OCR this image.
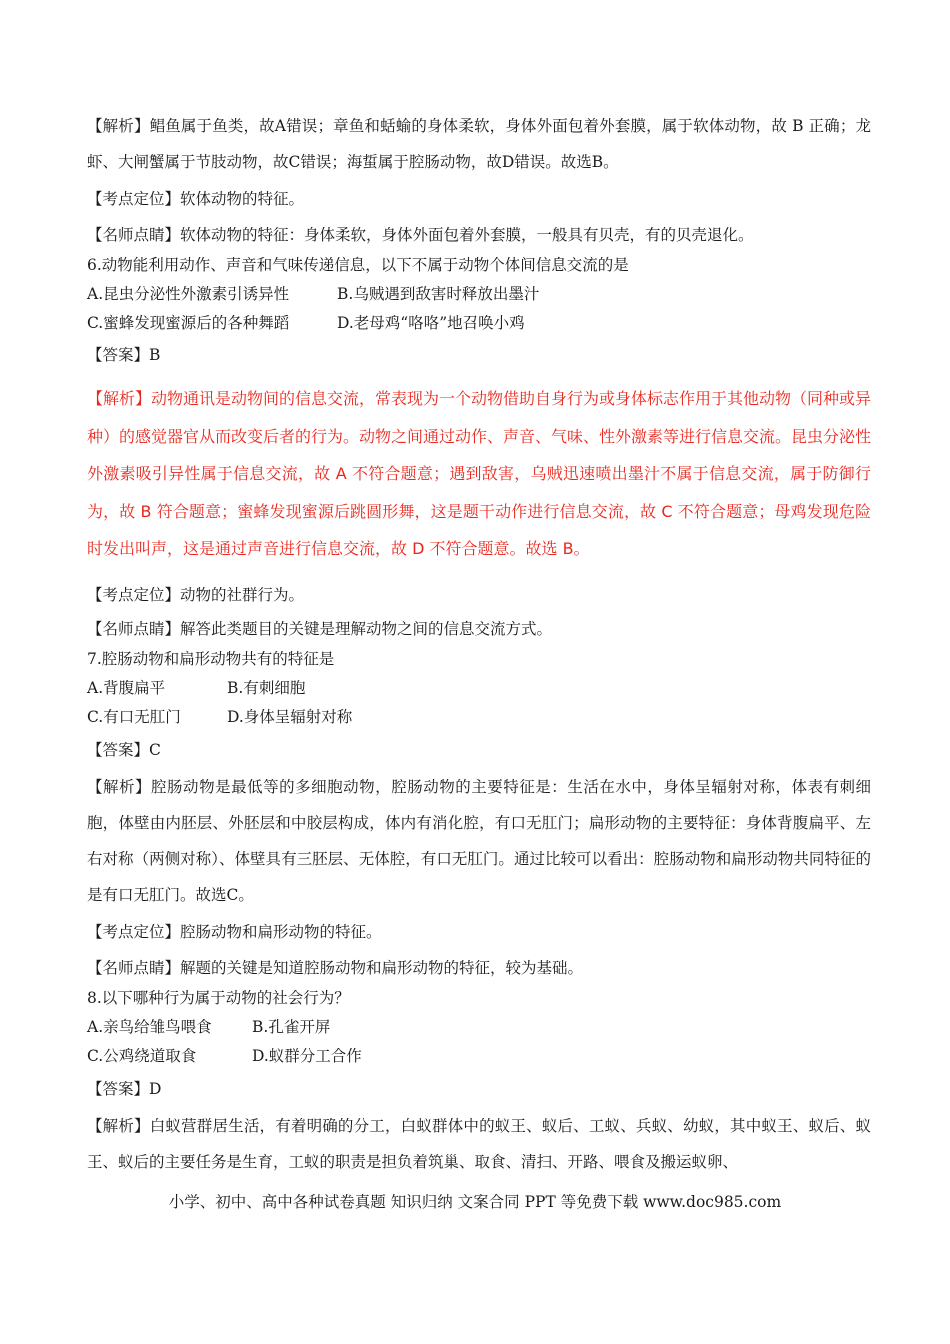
【解析】鲳鱼属于鱼类，故A错误；章鱼和蛞蝓的身体柔软，身体外面包着外套膜，属于软体动物，故 B 正确；龙虾、大闸蟹属于节肢动物，故C错误；海蜇属于腔肠动物，故D错误。故选B。
【考点定位】软体动物的特征。
【名师点睛】软体动物的特征：身体柔软，身体外面包着外套膜，一般具有贝壳，有的贝壳退化。
6.动物能利用动作、声音和气味传递信息，以下不属于动物个体间信息交流的是
A.昆虫分泌性外激素引诱异性	B.乌贼遇到敌害时释放出墨汁
C.蜜蜂发现蜜源后的各种舞蹈	D.老母鸡“咯咯”地召唤小鸡
【答案】B
【解析】动物通讯是动物间的信息交流，常表现为一个动物借助自身行为或身体标志作用于其他动物（同种或异种）的感觉器官从而改变后者的行为。动物之间通过动作、声音、气味、性外激素等进行信息交流。昆虫分泌性外激素吸引异性属于信息交流，故 A 不符合题意；遇到敌害，乌贼迅速喷出墨汁不属于信息交流，属于防御行为，故 B 符合题意；蜜蜂发现蜜源后跳圆形舞，这是题干动作进行信息交流，故 C 不符合题意；母鸡发现危险时发出叫声，这是通过声音进行信息交流，故 D 不符合题意。故选 B。
【考点定位】动物的社群行为。
【名师点睛】解答此类题目的关键是理解动物之间的信息交流方式。
7.腔肠动物和扁形动物共有的特征是
A.背腹扁平	B.有刺细胞
C.有口无肛门	D.身体呈辐射对称
【答案】C
【解析】腔肠动物是最低等的多细胞动物，腔肠动物的主要特征是：生活在水中，身体呈辐射对称，体表有刺细胞，体壁由内胚层、外胚层和中胶层构成，体内有消化腔，有口无肛门；扁形动物的主要特征：身体背腹扁平、左右对称（两侧对称）、体壁具有三胚层、无体腔，有口无肛门。通过比较可以看出：腔肠动物和扁形动物共同特征的是有口无肛门。故选C。
【考点定位】腔肠动物和扁形动物的特征。
【名师点睛】解题的关键是知道腔肠动物和扁形动物的特征，较为基础。
8.以下哪种行为属于动物的社会行为？
A.亲鸟给雏鸟喂食	B.孔雀开屏
C.公鸡绕道取食	D.蚁群分工合作
【答案】D
【解析】白蚁营群居生活，有着明确的分工，白蚁群体中的蚁王、蚁后、工蚁、兵蚁、幼蚁，其中蚁王、蚁后、蚁王、蚁后的主要任务是生育，工蚁的职责是担负着筑巢、取食、清扫、开路、喂食及搬运蚁卵、
小学、初中、高中各种试卷真题 知识归纳 文案合同 PPT 等免费下载 www.doc985.com
